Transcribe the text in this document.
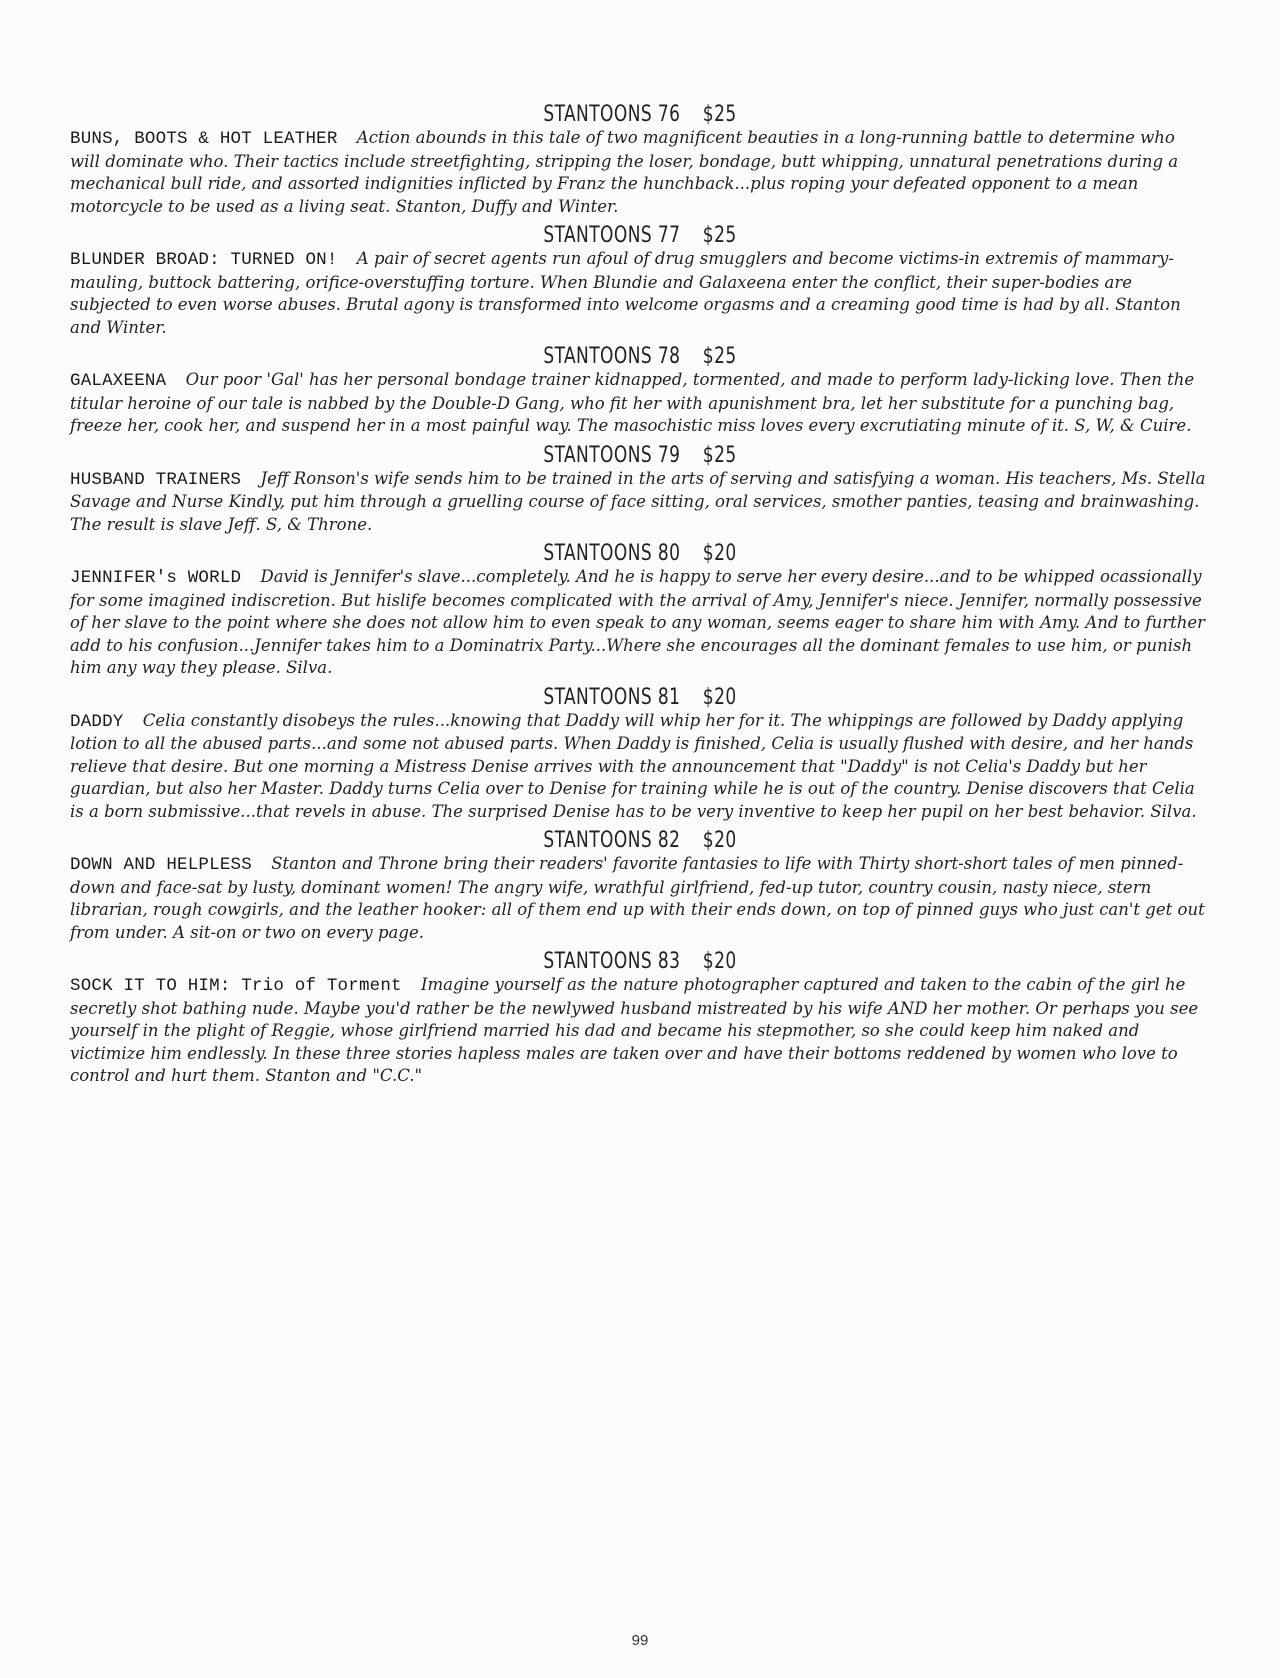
STANTOONS 76 $25

BUNS, BOOTS & HOT LEATHER Action abounds in this tale of two magnificent beauties in a long-running battle to determine who will dominate who. Their tactics include streetfighting, stripping the loser, bondage, butt whipping, unnatural penetrations during a mechanical bull ride, and assorted indignities inflicted by Franz the hunchback...plus roping your defeated opponent to a mean motorcycle to be used as a living seat. Stanton, Duffy and Winter.

STANTOONS 77 $25

BLUNDER BROAD: TURNED ON! A pair of secret agents run afoul of drug smugglers and become victims-in extremis of mammary-mauling, buttock battering, orifice-overstuffing torture. When Blundie and Galaxeena enter the conflict, their super-bodies are subjected to even worse abuses. Brutal agony is transformed into welcome orgasms and a creaming good time is had by all. Stanton and Winter.

STANTOONS 78 $25

GALAXEENA Our poor 'Gal' has her personal bondage trainer kidnapped, tormented, and made to perform lady-licking love. Then the titular heroine of our tale is nabbed by the Double-D Gang, who fit her with apunishment bra, let her substitute for a punching bag, freeze her, cook her, and suspend her in a most painful way. The masochistic miss loves every excrutiating minute of it. S, W, & Cuire.

STANTOONS 79 $25

HUSBAND TRAINERS Jeff Ronson's wife sends him to be trained in the arts of serving and satisfying a woman. His teachers, Ms. Stella Savage and Nurse Kindly, put him through a gruelling course of face sitting, oral services, smother panties, teasing and brainwashing. The result is slave Jeff. S, & Throne.

STANTOONS 80 $20

JENNIFER's WORLD David is Jennifer's slave...completely. And he is happy to serve her every desire...and to be whipped ocassionally for some imagined indiscretion. But hislife becomes complicated with the arrival of Amy, Jennifer's niece. Jennifer, normally possessive of her slave to the point where she does not allow him to even speak to any woman, seems eager to share him with Amy. And to further add to his confusion...Jennifer takes him to a Dominatrix Party...Where she encourages all the dominant females to use him, or punish him any way they please. Silva.

STANTOONS 81 $20

DADDY Celia constantly disobeys the rules...knowing that Daddy will whip her for it. The whippings are followed by Daddy applying lotion to all the abused parts...and some not abused parts. When Daddy is finished, Celia is usually flushed with desire, and her hands relieve that desire. But one morning a Mistress Denise arrives with the announcement that "Daddy" is not Celia's Daddy but her guardian, but also her Master. Daddy turns Celia over to Denise for training while he is out of the country. Denise discovers that Celia is a born submissive...that revels in abuse. The surprised Denise has to be very inventive to keep her pupil on her best behavior. Silva.

STANTOONS 82 $20

DOWN AND HELPLESS Stanton and Throne bring their readers' favorite fantasies to life with Thirty short-short tales of men pinned-down and face-sat by lusty, dominant women! The angry wife, wrathful girlfriend, fed-up tutor, country cousin, nasty niece, stern librarian, rough cowgirls, and the leather hooker: all of them end up with their ends down, on top of pinned guys who just can't get out from under. A sit-on or two on every page.

STANTOONS 83 $20

SOCK IT TO HIM: Trio of Torment Imagine yourself as the nature photographer captured and taken to the cabin of the girl he secretly shot bathing nude. Maybe you'd rather be the newlywed husband mistreated by his wife AND her mother. Or perhaps you see yourself in the plight of Reggie, whose girlfriend married his dad and became his stepmother, so she could keep him naked and victimize him endlessly. In these three stories hapless males are taken over and have their bottoms reddened by women who love to control and hurt them. Stanton and "C.C."

99
